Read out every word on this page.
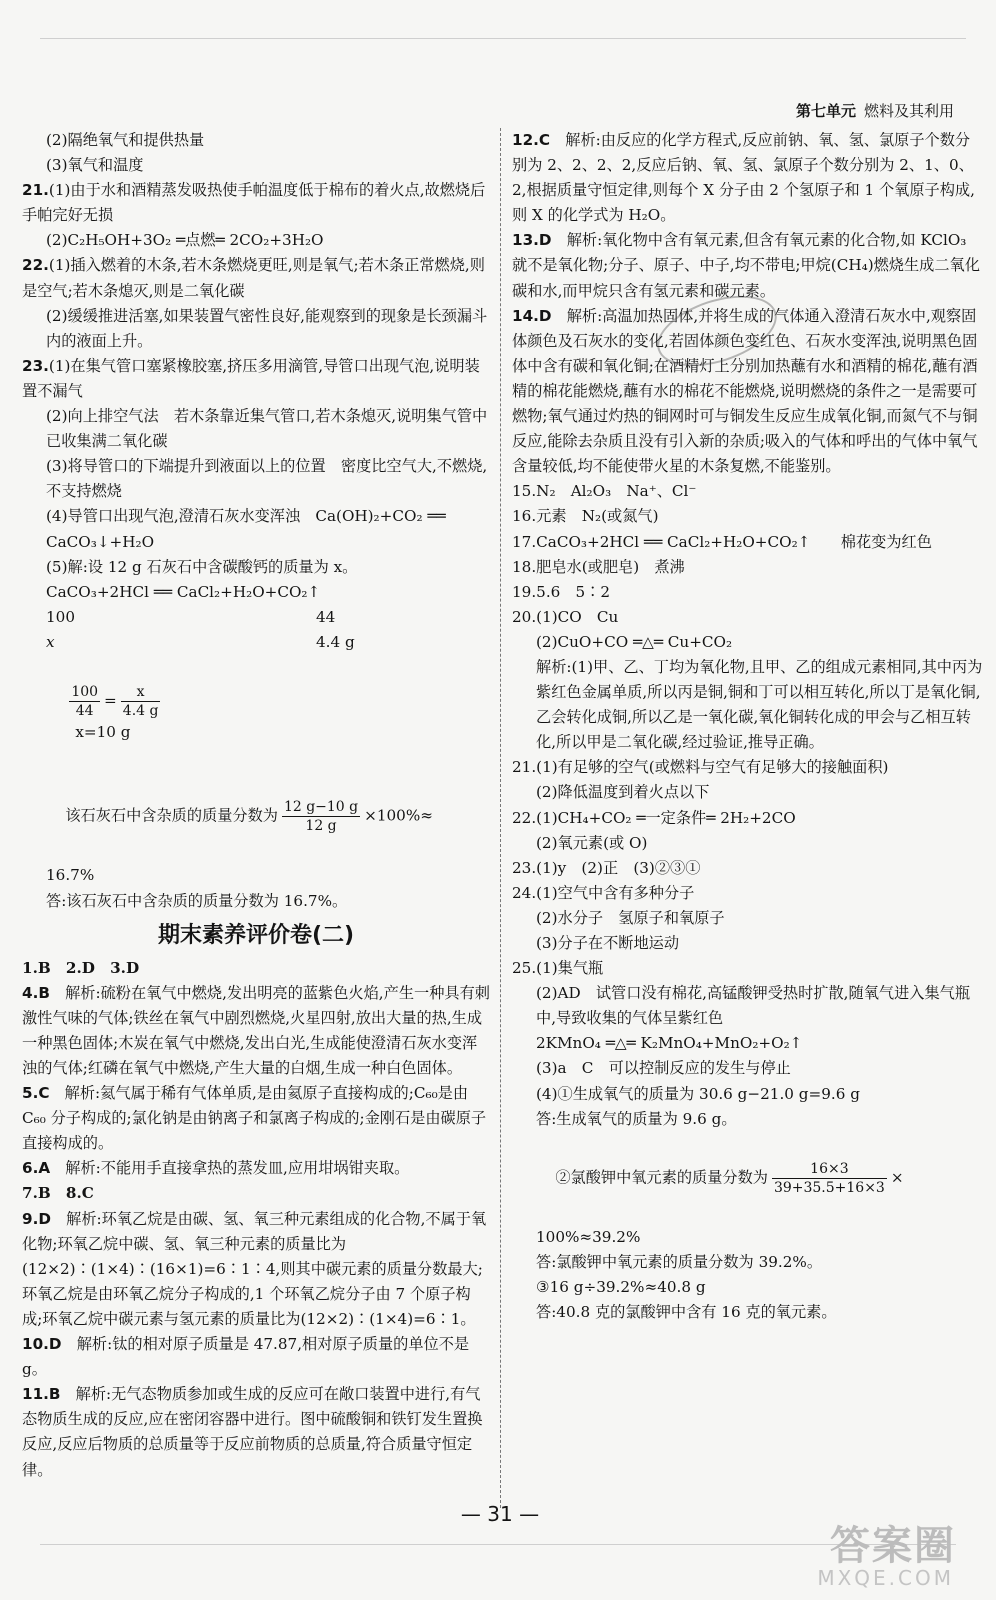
第七单元 燃料及其利用

(2)隔绝氧气和提供热量

(3)氧气和温度

21.(1)由于水和酒精蒸发吸热使手帕温度低于棉布的着火点,故燃烧后手帕完好无损

(2)C₂H₅OH+3O₂ ═点燃═ 2CO₂+3H₂O

22.(1)插入燃着的木条,若木条燃烧更旺,则是氧气;若木条正常燃烧,则是空气;若木条熄灭,则是二氧化碳

(2)缓缓推进活塞,如果装置气密性良好,能观察到的现象是长颈漏斗内的液面上升。

23.(1)在集气管口塞紧橡胶塞,挤压多用滴管,导管口出现气泡,说明装置不漏气

(2)向上排空气法　若木条靠近集气管口,若木条熄灭,说明集气管中已收集满二氧化碳

(3)将导管口的下端提升到液面以上的位置　密度比空气大,不燃烧,不支持燃烧

(4)导管口出现气泡,澄清石灰水变浑浊　Ca(OH)₂+CO₂ ══ CaCO₃↓+H₂O

(5)解:设 12 g 石灰石中含碳酸钙的质量为 x。

CaCO₃+2HCl ══ CaCl₂+H₂O+CO₂↑

100	44

x	4.4 g

$\frac{100}{44} = \frac{x}{4.4 g}$

x=10 g

该石灰石中含杂质的质量分数为 $\frac{12 g-10 g}{12 g} \times 100\%\approx$

16.7%

答:该石灰石中含杂质的质量分数为 16.7%。

期末素养评价卷(二)

1.B　2.D　3.D

4.B　 解析:硫粉在氧气中燃烧,发出明亮的蓝紫色火焰,产生一种具有刺激性气味的气体;铁丝在氧气中剧烈燃烧,火星四射,放出大量的热,生成一种黑色固体;木炭在氧气中燃烧,发出白光,生成能使澄清石灰水变浑浊的气体;红磷在氧气中燃烧,产生大量的白烟,生成一种白色固体。

5.C　 解析:氦气属于稀有气体单质,是由氦原子直接构成的;C₆₀是由 C₆₀ 分子构成的;氯化钠是由钠离子和氯离子构成的;金刚石是由碳原子直接构成的。

6.A　 解析:不能用手直接拿热的蒸发皿,应用坩埚钳夹取。

7.B　8.C

9.D　 解析:环氧乙烷是由碳、氢、氧三种元素组成的化合物,不属于氧化物;环氧乙烷中碳、氢、氧三种元素的质量比为(12×2)∶(1×4)∶(16×1)=6∶1∶4,则其中碳元素的质量分数最大;环氧乙烷是由环氧乙烷分子构成的,1 个环氧乙烷分子由 7 个原子构成;环氧乙烷中碳元素与氢元素的质量比为(12×2)∶(1×4)=6∶1。

10.D　 解析:钛的相对原子质量是 47.87,相对原子质量的单位不是 g。

11.B　 解析:无气态物质参加或生成的反应可在敞口装置中进行,有气态物质生成的反应,应在密闭容器中进行。图中硫酸铜和铁钉发生置换反应,反应后物质的总质量等于反应前物质的总质量,符合质量守恒定律。

12.C　 解析:由反应的化学方程式,反应前钠、氧、氢、氯原子个数分别为 2、2、2、2,反应后钠、氧、氢、氯原子个数分别为 2、1、0、2,根据质量守恒定律,则每个 X 分子由 2 个氢原子和 1 个氧原子构成,则 X 的化学式为 H₂O。

13.D　 解析:氧化物中含有氧元素,但含有氧元素的化合物,如 KClO₃ 就不是氧化物;分子、原子、中子,均不带电;甲烷(CH₄)燃烧生成二氧化碳和水,而甲烷只含有氢元素和碳元素。

14.D　 解析:高温加热固体,并将生成的气体通入澄清石灰水中,观察固体颜色及石灰水的变化,若固体颜色变红色、石灰水变浑浊,说明黑色固体中含有碳和氧化铜;在酒精灯上分别加热蘸有水和酒精的棉花,蘸有酒精的棉花能燃烧,蘸有水的棉花不能燃烧,说明燃烧的条件之一是需要可燃物;氧气通过灼热的铜网时可与铜发生反应生成氧化铜,而氮气不与铜反应,能除去杂质且没有引入新的杂质;吸入的气体和呼出的气体中氧气含量较低,均不能使带火星的木条复燃,不能鉴别。

15.N₂　Al₂O₃　Na⁺、Cl⁻

16.元素　N₂(或氮气)

17.CaCO₃+2HCl ══ CaCl₂+H₂O+CO₂↑　　棉花变为红色

18.肥皂水(或肥皂)　煮沸

19.5.6　5∶2

20.(1)CO　Cu

(2)CuO+CO ═△═ Cu+CO₂

解析:(1)甲、乙、丁均为氧化物,且甲、乙的组成元素相同,其中丙为紫红色金属单质,所以丙是铜,铜和丁可以相互转化,所以丁是氧化铜,乙会转化成铜,所以乙是一氧化碳,氧化铜转化成的甲会与乙相互转化,所以甲是二氧化碳,经过验证,推导正确。

21.(1)有足够的空气(或燃料与空气有足够大的接触面积)

(2)降低温度到着火点以下

22.(1)CH₄+CO₂ ═一定条件═ 2H₂+2CO

(2)氧元素(或 O)

23.(1)y　(2)正　(3)②③①

24.(1)空气中含有多种分子

(2)水分子　氢原子和氧原子

(3)分子在不断地运动

25.(1)集气瓶

(2)AD　试管口没有棉花,高锰酸钾受热时扩散,随氧气进入集气瓶中,导致收集的气体呈紫红色

2KMnO₄ ═△═ K₂MnO₄+MnO₂+O₂↑

(3)a　C　可以控制反应的发生与停止

(4)①生成氧气的质量为 30.6 g−21.0 g=9.6 g

答:生成氧气的质量为 9.6 g。

②氯酸钾中氧元素的质量分数为 $\frac{16\times 3}{39+35.5+16\times 3}$ ×

100%≈39.2%

答:氯酸钾中氧元素的质量分数为 39.2%。

③16 g÷39.2%≈40.8 g

答:40.8 克的氯酸钾中含有 16 克的氧元素。

— 31 —
答案圈
MXQE.COM
